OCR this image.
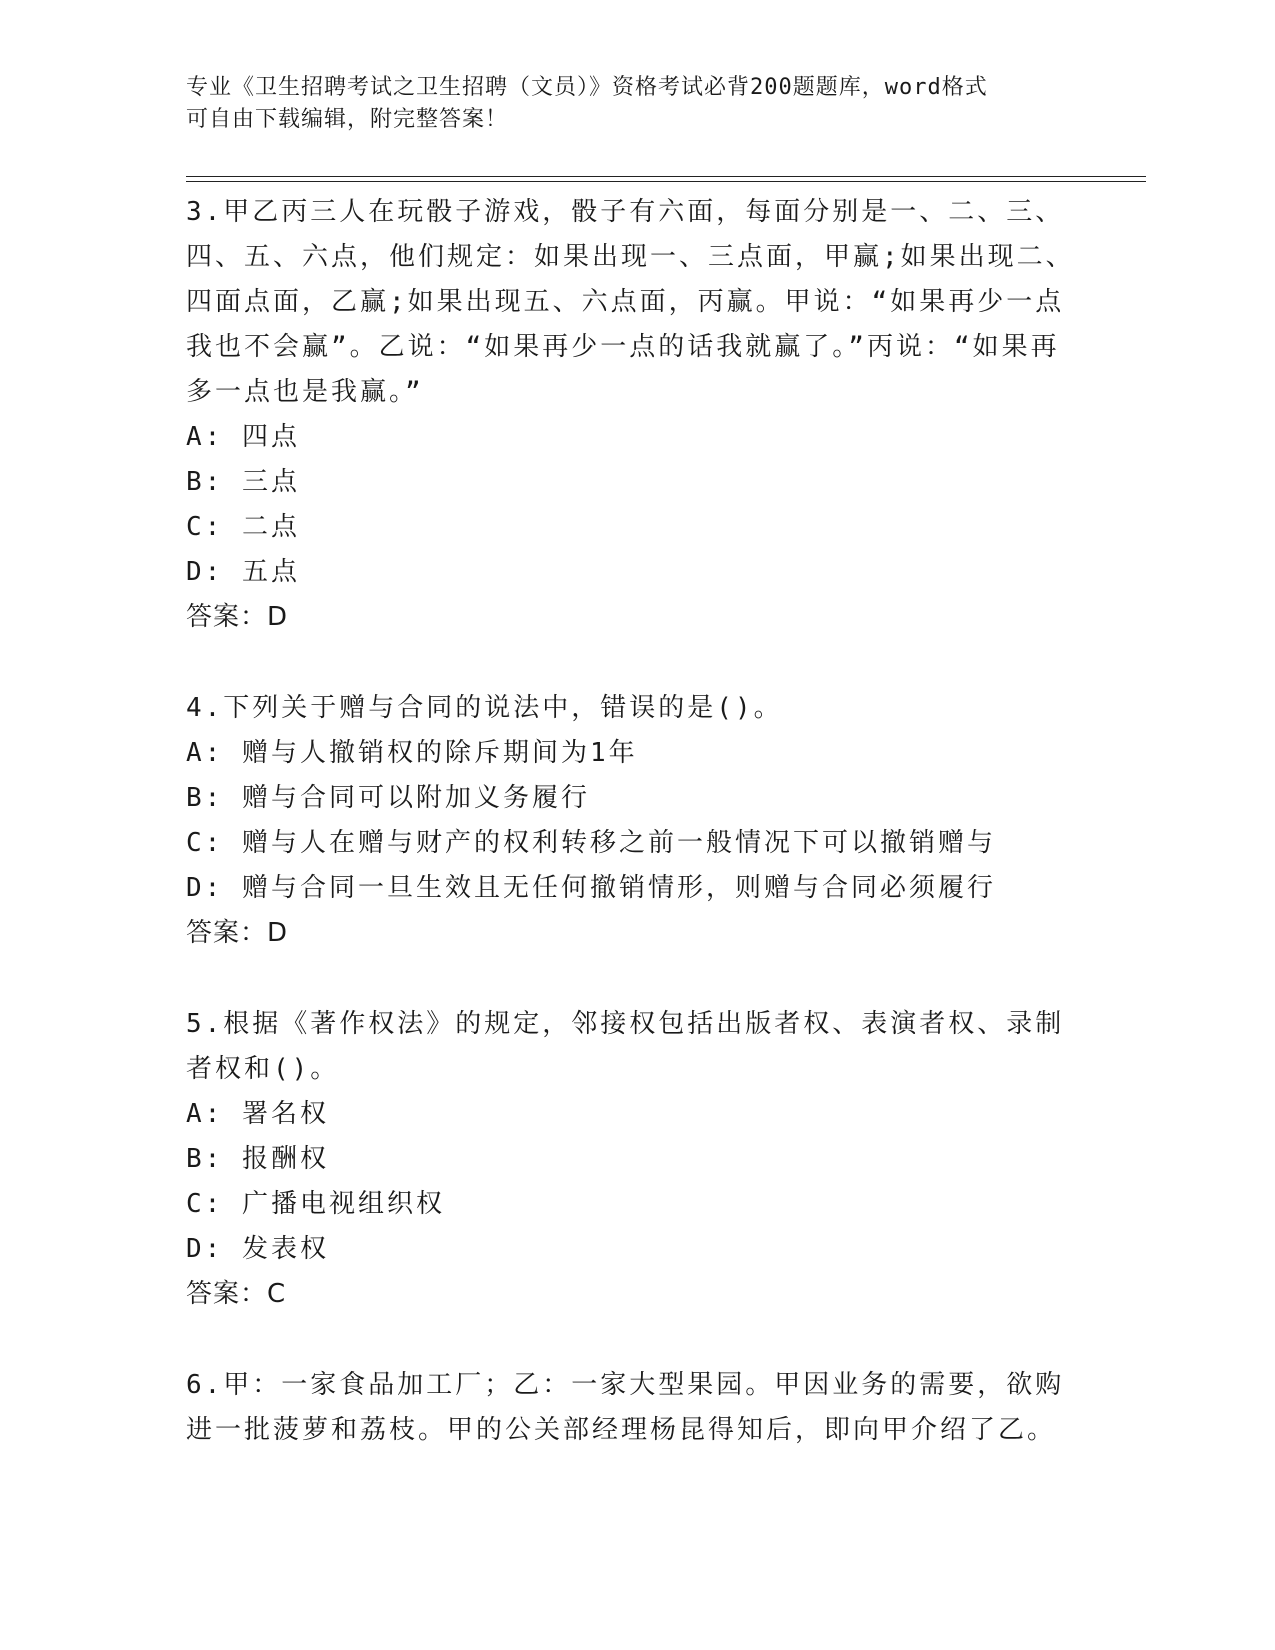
专业《卫生招聘考试之卫生招聘（文员）》资格考试必背200题题库，word格式
可自由下载编辑，附完整答案！

3.甲乙丙三人在玩骰子游戏，骰子有六面，每面分别是一、二、三、四、五、六点，他们规定：如果出现一、三点面，甲赢;如果出现二、四面点面，乙赢;如果出现五、六点面，丙赢。甲说：“如果再少一点我也不会赢”。乙说：“如果再少一点的话我就赢了。”丙说：“如果再多一点也是我赢。”

A: 四点

B: 三点

C: 二点

D: 五点

答案：D

4.下列关于赠与合同的说法中，错误的是()。

A: 赠与人撤销权的除斥期间为1年

B: 赠与合同可以附加义务履行

C: 赠与人在赠与财产的权利转移之前一般情况下可以撤销赠与

D: 赠与合同一旦生效且无任何撤销情形，则赠与合同必须履行

答案：D

5.根据《著作权法》的规定，邻接权包括出版者权、表演者权、录制者权和()。

A: 署名权

B: 报酬权

C: 广播电视组织权

D: 发表权

答案：C

6.甲：一家食品加工厂；乙：一家大型果园。甲因业务的需要，欲购进一批菠萝和荔枝。甲的公关部经理杨昆得知后，即向甲介绍了乙。
